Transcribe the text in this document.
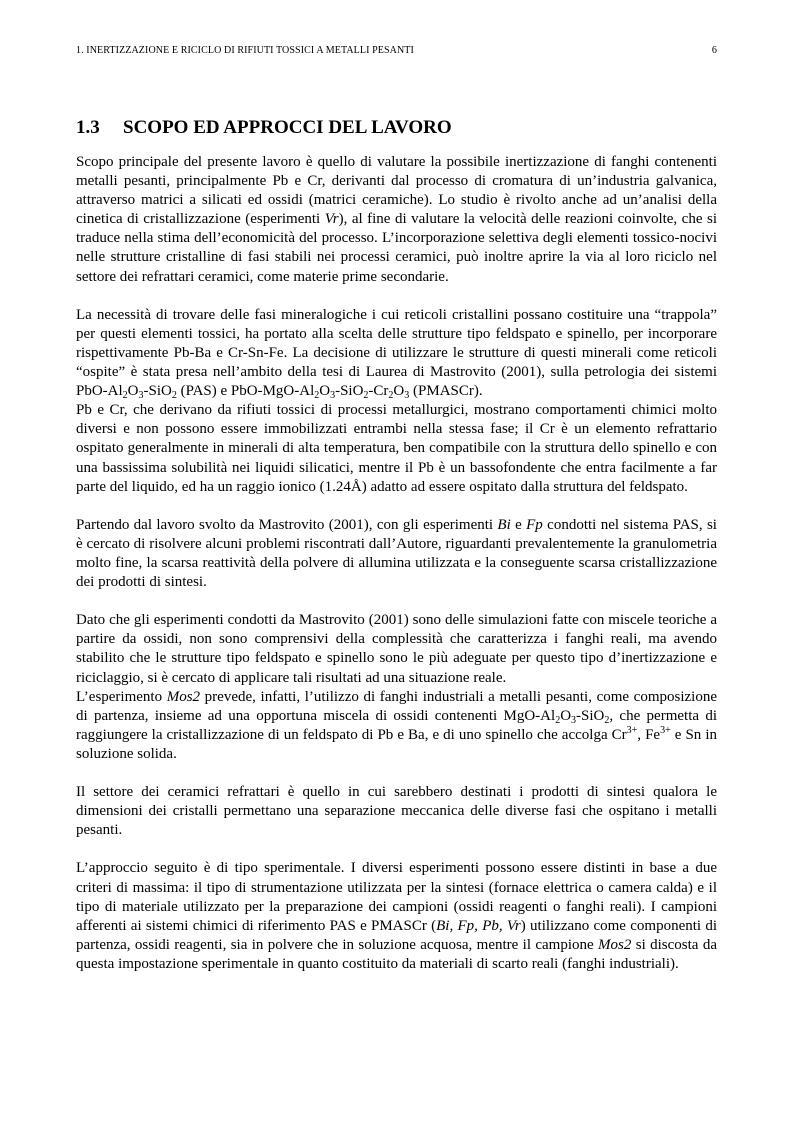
1. INERTIZZAZIONE E RICICLO DI RIFIUTI TOSSICI A METALLI PESANTI	6
1.3 SCOPO ED APPROCCI DEL LAVORO

Scopo principale del presente lavoro è quello di valutare la possibile inertizzazione di fanghi contenenti metalli pesanti, principalmente Pb e Cr, derivanti dal processo di cromatura di un’industria galvanica, attraverso matrici a silicati ed ossidi (matrici ceramiche). Lo studio è rivolto anche ad un’analisi della cinetica di cristallizzazione (esperimenti Vr), al fine di valutare la velocità delle reazioni coinvolte, che si traduce nella stima dell’economicità del processo. L’incorporazione selettiva degli elementi tossico-nocivi nelle strutture cristalline di fasi stabili nei processi ceramici, può inoltre aprire la via al loro riciclo nel settore dei refrattari ceramici, come materie prime secondarie.

La necessità di trovare delle fasi mineralogiche i cui reticoli cristallini possano costituire una “trappola” per questi elementi tossici, ha portato alla scelta delle strutture tipo feldspato e spinello, per incorporare rispettivamente Pb-Ba e Cr-Sn-Fe. La decisione di utilizzare le strutture di questi minerali come reticoli “ospite” è stata presa nell’ambito della tesi di Laurea di Mastrovito (2001), sulla petrologia dei sistemi PbO-$Al_2O_3-SiO_2$ (PAS) e PbO-$MgO-Al_2O_3-SiO_2-Cr_2O_3$ (PMASCr).

Pb e Cr, che derivano da rifiuti tossici di processi metallurgici, mostrano comportamenti chimici molto diversi e non possono essere immobilizzati entrambi nella stessa fase; il Cr è un elemento refrattario ospitato generalmente in minerali di alta temperatura, ben compatibile con la struttura dello spinello e con una bassissima solubilità nei liquidi silicatici, mentre il Pb è un bassofondente che entra facilmente a far parte del liquido, ed ha un raggio ionico (1.24Å) adatto ad essere ospitato dalla struttura del feldspato.

Partendo dal lavoro svolto da Mastrovito (2001), con gli esperimenti Bi e Fp condotti nel sistema PAS, si è cercato di risolvere alcuni problemi riscontrati dall’Autore, riguardanti prevalentemente la granulometria molto fine, la scarsa reattività della polvere di allumina utilizzata e la conseguente scarsa cristallizzazione dei prodotti di sintesi.

Dato che gli esperimenti condotti da Mastrovito (2001) sono delle simulazioni fatte con miscele teoriche a partire da ossidi, non sono comprensivi della complessità che caratterizza i fanghi reali, ma avendo stabilito che le strutture tipo feldspato e spinello sono le più adeguate per questo tipo d’inertizzazione e riciclaggio, si è cercato di applicare tali risultati ad una situazione reale.

L’esperimento Mos2 prevede, infatti, l’utilizzo di fanghi industriali a metalli pesanti, come composizione di partenza, insieme ad una opportuna miscela di ossidi contenenti MgO-$Al_2O_3-SiO_2$, che permetta di raggiungere la cristallizzazione di un feldspato di Pb e Ba, e di uno spinello che accolga $Cr^{3+}$, $Fe^{3+}$ e Sn in soluzione solida.

Il settore dei ceramici refrattari è quello in cui sarebbero destinati i prodotti di sintesi qualora le dimensioni dei cristalli permettano una separazione meccanica delle diverse fasi che ospitano i metalli pesanti.

L’approccio seguito è di tipo sperimentale. I diversi esperimenti possono essere distinti in base a due criteri di massima: il tipo di strumentazione utilizzata per la sintesi (fornace elettrica o camera calda) e il tipo di materiale utilizzato per la preparazione dei campioni (ossidi reagenti o fanghi reali). I campioni afferenti ai sistemi chimici di riferimento PAS e PMASCr (Bi, Fp, Pb, Vr) utilizzano come componenti di partenza, ossidi reagenti, sia in polvere che in soluzione acquosa, mentre il campione Mos2 si discosta da questa impostazione sperimentale in quanto costituito da materiali di scarto reali (fanghi industriali).
